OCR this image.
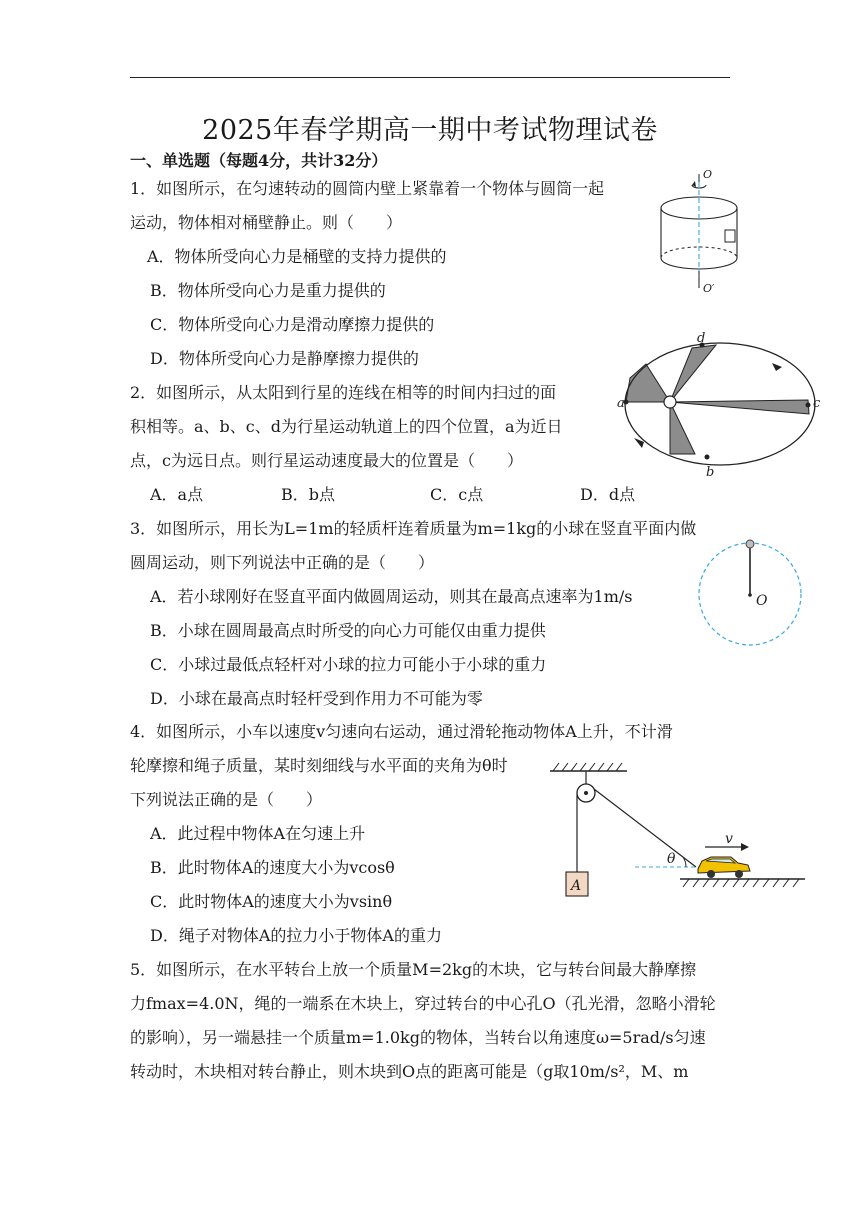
2025年春学期高一期中考试物理试卷
一、单选题（每题4分，共计32分）
1．如图所示，在匀速转动的圆筒内壁上紧靠着一个物体与圆筒一起
运动，物体相对桶壁静止。则（　　）
A．物体所受向心力是桶壁的支持力提供的
B．物体所受向心力是重力提供的
C．物体所受向心力是滑动摩擦力提供的
D．物体所受向心力是静摩擦力提供的
O
O′
2．如图所示，从太阳到行星的连线在相等的时间内扫过的面
积相等。a、b、c、d为行星运动轨道上的四个位置，a为近日
点，c为远日点。则行星运动速度最大的位置是（　　）
A．a点	B．b点	C．c点	D．d点
a
b
c
d
3．如图所示，用长为L=1m的轻质杆连着质量为m=1kg的小球在竖直平面内做
圆周运动，则下列说法中正确的是（　　）
A．若小球刚好在竖直平面内做圆周运动，则其在最高点速率为1m/s
B．小球在圆周最高点时所受的向心力可能仅由重力提供
C．小球过最低点轻杆对小球的拉力可能小于小球的重力
D．小球在最高点时轻杆受到作用力不可能为零
O
4．如图所示，小车以速度v匀速向右运动，通过滑轮拖动物体A上升，不计滑
轮摩擦和绳子质量，某时刻细线与水平面的夹角为θ时
下列说法正确的是（　　）
A．此过程中物体A在匀速上升
B．此时物体A的速度大小为vcosθ
C．此时物体A的速度大小为vsinθ
D．绳子对物体A的拉力小于物体A的重力
A
θ
v
5．如图所示，在水平转台上放一个质量M=2kg的木块，它与转台间最大静摩擦
力fmax=4.0N，绳的一端系在木块上，穿过转台的中心孔O（孔光滑，忽略小滑轮
的影响），另一端悬挂一个质量m=1.0kg的物体，当转台以角速度ω=5rad/s匀速
转动时，木块相对转台静止，则木块到O点的距离可能是（g取10m/s²，M、m
